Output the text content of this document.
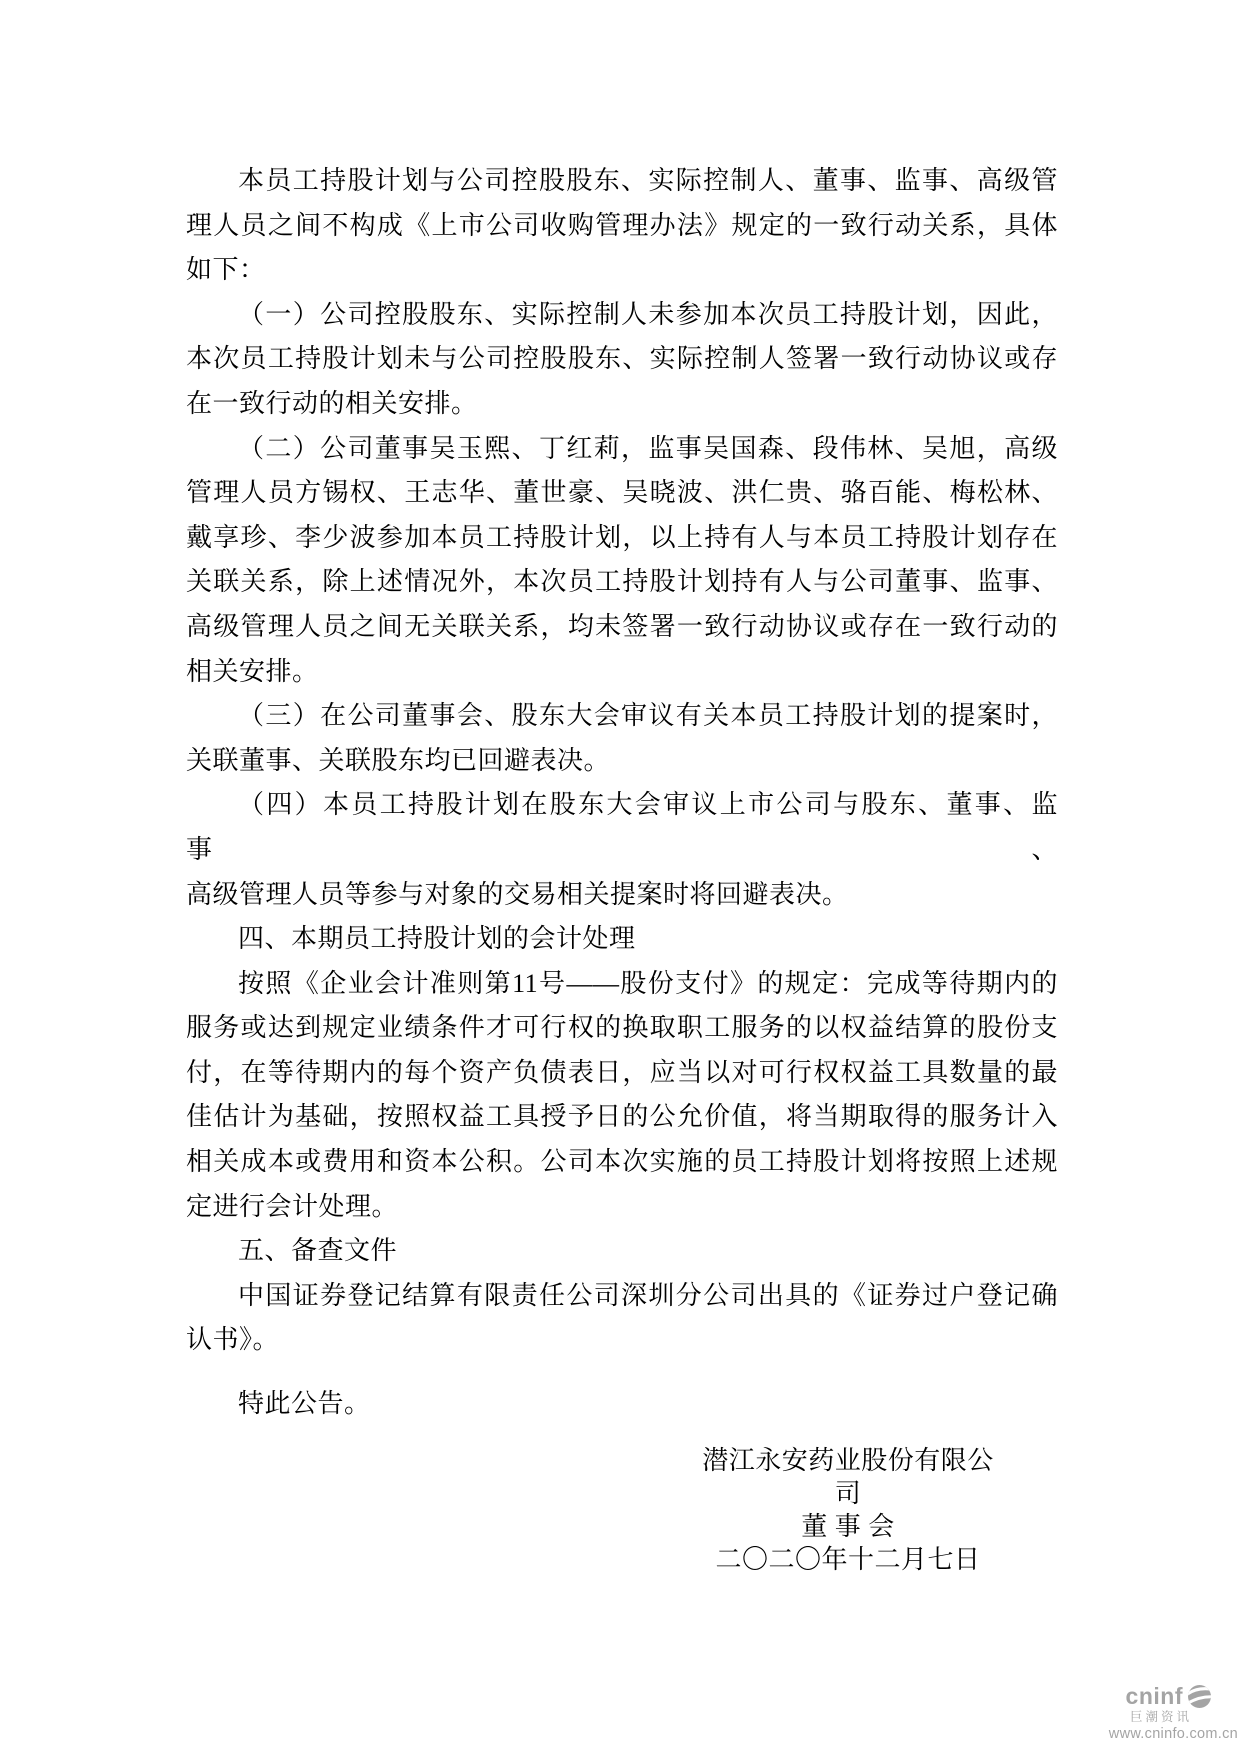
本员工持股计划与公司控股股东、实际控制人、董事、监事、高级管
理人员之间不构成《上市公司收购管理办法》规定的一致行动关系，具体
如下：
（一）公司控股股东、实际控制人未参加本次员工持股计划，因此，
本次员工持股计划未与公司控股股东、实际控制人签署一致行动协议或存
在一致行动的相关安排。
（二）公司董事吴玉熙、丁红莉，监事吴国森、段伟林、吴旭，高级
管理人员方锡权、王志华、董世豪、吴晓波、洪仁贵、骆百能、梅松林、
戴享珍、李少波参加本员工持股计划，以上持有人与本员工持股计划存在
关联关系，除上述情况外，本次员工持股计划持有人与公司董事、监事、
高级管理人员之间无关联关系，均未签署一致行动协议或存在一致行动的
相关安排。
（三）在公司董事会、股东大会审议有关本员工持股计划的提案时，
关联董事、关联股东均已回避表决。
（四）本员工持股计划在股东大会审议上市公司与股东、董事、监事、
高级管理人员等参与对象的交易相关提案时将回避表决。
四、本期员工持股计划的会计处理
按照《企业会计准则第11号——股份支付》的规定：完成等待期内的
服务或达到规定业绩条件才可行权的换取职工服务的以权益结算的股份支
付，在等待期内的每个资产负债表日，应当以对可行权权益工具数量的最
佳估计为基础，按照权益工具授予日的公允价值，将当期取得的服务计入
相关成本或费用和资本公积。公司本次实施的员工持股计划将按照上述规
定进行会计处理。
五、备查文件
中国证券登记结算有限责任公司深圳分公司出具的《证券过户登记确
认书》。
特此公告。
潜江永安药业股份有限公司
董 事 会
二〇二〇年十二月七日
cninf
巨潮资讯
www.cninfo.com.cn
